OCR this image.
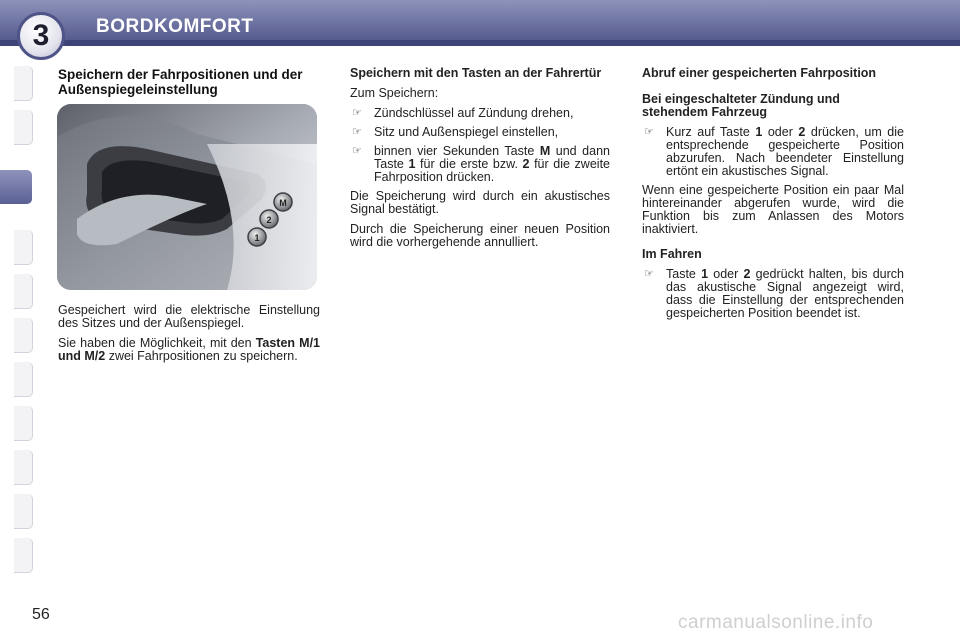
3	BORDKOMFORT
Speichern der Fahrpositionen und der Außenspiegeleinstellung
M
2
1

Gespeichert wird die elektrische Einstellung des Sitzes und der Außenspiegel.

Sie haben die Möglichkeit, mit den Tasten M/1 und M/2 zwei Fahrpositionen zu speichern.

Speichern mit den Tasten an der Fahrertür

Zum Speichern:

☞ Zündschlüssel auf Zündung drehen,
☞ Sitz und Außenspiegel einstellen,
☞ binnen vier Sekunden Taste M und dann Taste 1 für die erste bzw. 2 für die zweite Fahrposition drücken.

Die Speicherung wird durch ein akustisches Signal bestätigt.

Durch die Speicherung einer neuen Position wird die vorhergehende annulliert.

Abruf einer gespeicherten Fahrposition
Bei eingeschalteter Zündung und stehendem Fahrzeug
☞ Kurz auf Taste 1 oder 2 drücken, um die entsprechende gespeicherte Position abzurufen. Nach beendeter Einstellung ertönt ein akustisches Signal.

Wenn eine gespeicherte Position ein paar Mal hintereinander abgerufen wurde, wird die Funktion bis zum Anlassen des Motors inaktiviert.

Im Fahren
☞ Taste 1 oder 2 gedrückt halten, bis durch das akustische Signal angezeigt wird, dass die Einstellung der entsprechenden gespeicherten Position beendet ist.
56	carmanualsonline.info
